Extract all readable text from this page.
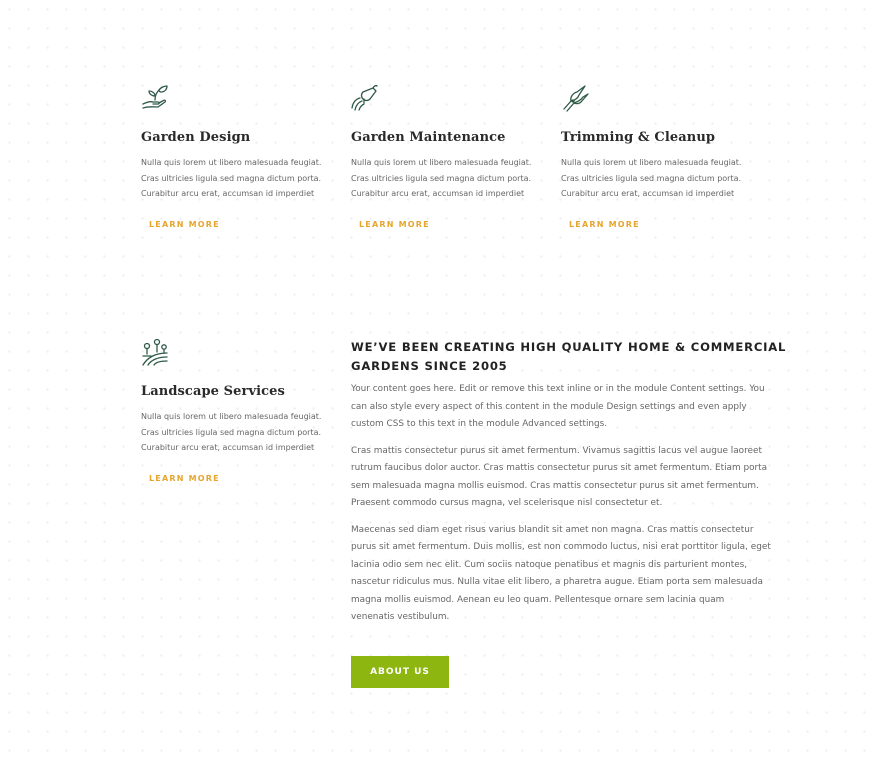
Garden Design
Nulla quis lorem ut libero malesuada feugiat.
Cras ultricies ligula sed magna dictum porta.
Curabitur arcu erat, accumsan id imperdiet
LEARN MORE
Garden Maintenance
Nulla quis lorem ut libero malesuada feugiat.
Cras ultricies ligula sed magna dictum porta.
Curabitur arcu erat, accumsan id imperdiet
LEARN MORE
Trimming & Cleanup
Nulla quis lorem ut libero malesuada feugiat.
Cras ultricies ligula sed magna dictum porta.
Curabitur arcu erat, accumsan id imperdiet
LEARN MORE
Landscape Services
Nulla quis lorem ut libero malesuada feugiat.
Cras ultricies ligula sed magna dictum porta.
Curabitur arcu erat, accumsan id imperdiet
LEARN MORE
WE’VE BEEN CREATING HIGH QUALITY HOME & COMMERCIAL
GARDENS SINCE 2005

Your content goes here. Edit or remove this text inline or in the module Content settings. You
can also style every aspect of this content in the module Design settings and even apply
custom CSS to this text in the module Advanced settings.

Cras mattis consectetur purus sit amet fermentum. Vivamus sagittis lacus vel augue laoreet
rutrum faucibus dolor auctor. Cras mattis consectetur purus sit amet fermentum. Etiam porta
sem malesuada magna mollis euismod. Cras mattis consectetur purus sit amet fermentum.
Praesent commodo cursus magna, vel scelerisque nisl consectetur et.

Maecenas sed diam eget risus varius blandit sit amet non magna. Cras mattis consectetur
purus sit amet fermentum. Duis mollis, est non commodo luctus, nisi erat porttitor ligula, eget
lacinia odio sem nec elit. Cum sociis natoque penatibus et magnis dis parturient montes,
nascetur ridiculus mus. Nulla vitae elit libero, a pharetra augue. Etiam porta sem malesuada
magna mollis euismod. Aenean eu leo quam. Pellentesque ornare sem lacinia quam
venenatis vestibulum.

ABOUT US
